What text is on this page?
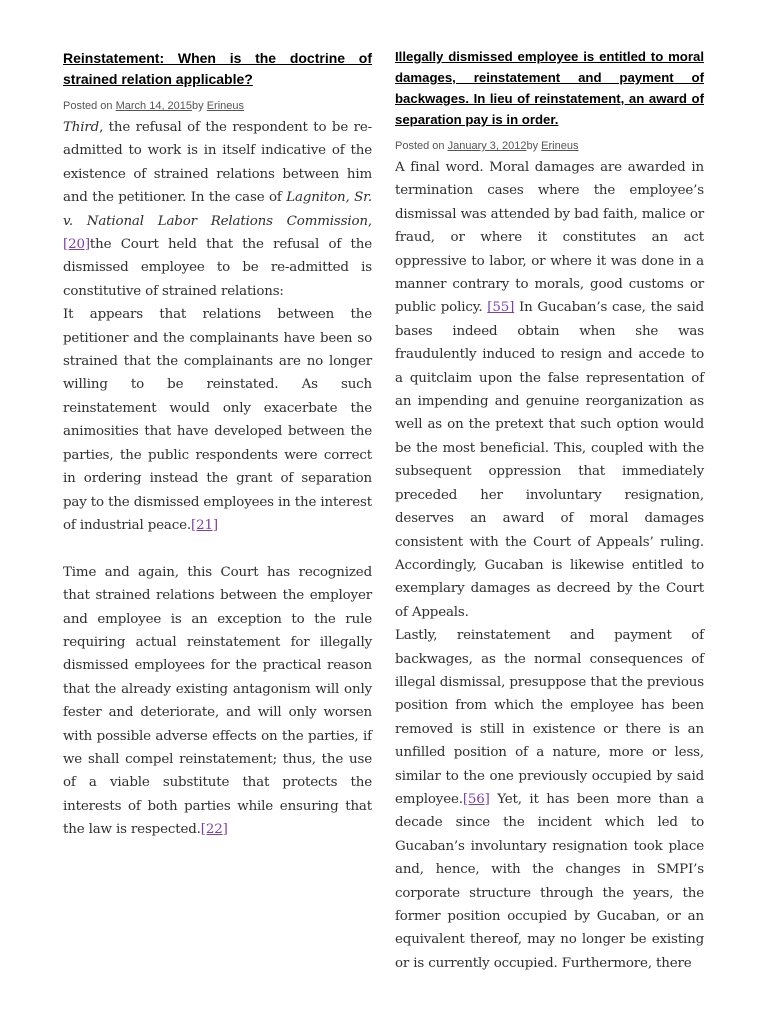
Reinstatement: When is the doctrine of strained relation applicable?
Posted on March 14, 2015by Erineus

Third, the refusal of the respondent to be re-admitted to work is in itself indicative of the existence of strained relations between him and the petitioner. In the case of Lagniton, Sr. v. National Labor Relations Commission, [20]the Court held that the refusal of the dismissed employee to be re-admitted is constitutive of strained relations:

It appears that relations between the petitioner and the complainants have been so strained that the complainants are no longer willing to be reinstated. As such reinstatement would only exacerbate the animosities that have developed between the parties, the public respondents were correct in ordering instead the grant of separation pay to the dismissed employees in the interest of industrial peace.[21]

Time and again, this Court has recognized that strained relations between the employer and employee is an exception to the rule requiring actual reinstatement for illegally dismissed employees for the practical reason that the already existing antagonism will only fester and deteriorate, and will only worsen with possible adverse effects on the parties, if we shall compel reinstatement; thus, the use of a viable substitute that protects the interests of both parties while ensuring that the law is respected.[22]

Illegally dismissed employee is entitled to moral damages, reinstatement and payment of backwages. In lieu of reinstatement, an award of separation pay is in order.
Posted on January 3, 2012by Erineus

A final word. Moral damages are awarded in termination cases where the employee’s dismissal was attended by bad faith, malice or fraud, or where it constitutes an act oppressive to labor, or where it was done in a manner contrary to morals, good customs or public policy. [55] In Gucaban’s case, the said bases indeed obtain when she was fraudulently induced to resign and accede to a quitclaim upon the false representation of an impending and genuine reorganization as well as on the pretext that such option would be the most beneficial. This, coupled with the subsequent oppression that immediately preceded her involuntary resignation, deserves an award of moral damages consistent with the Court of Appeals’ ruling. Accordingly, Gucaban is likewise entitled to exemplary damages as decreed by the Court of Appeals.

Lastly, reinstatement and payment of backwages, as the normal consequences of illegal dismissal, presuppose that the previous position from which the employee has been removed is still in existence or there is an unfilled position of a nature, more or less, similar to the one previously occupied by said employee.[56] Yet, it has been more than a decade since the incident which led to Gucaban’s involuntary resignation took place and, hence, with the changes in SMPI’s corporate structure through the years, the former position occupied by Gucaban, or an equivalent thereof, may no longer be existing or is currently occupied. Furthermore, there
